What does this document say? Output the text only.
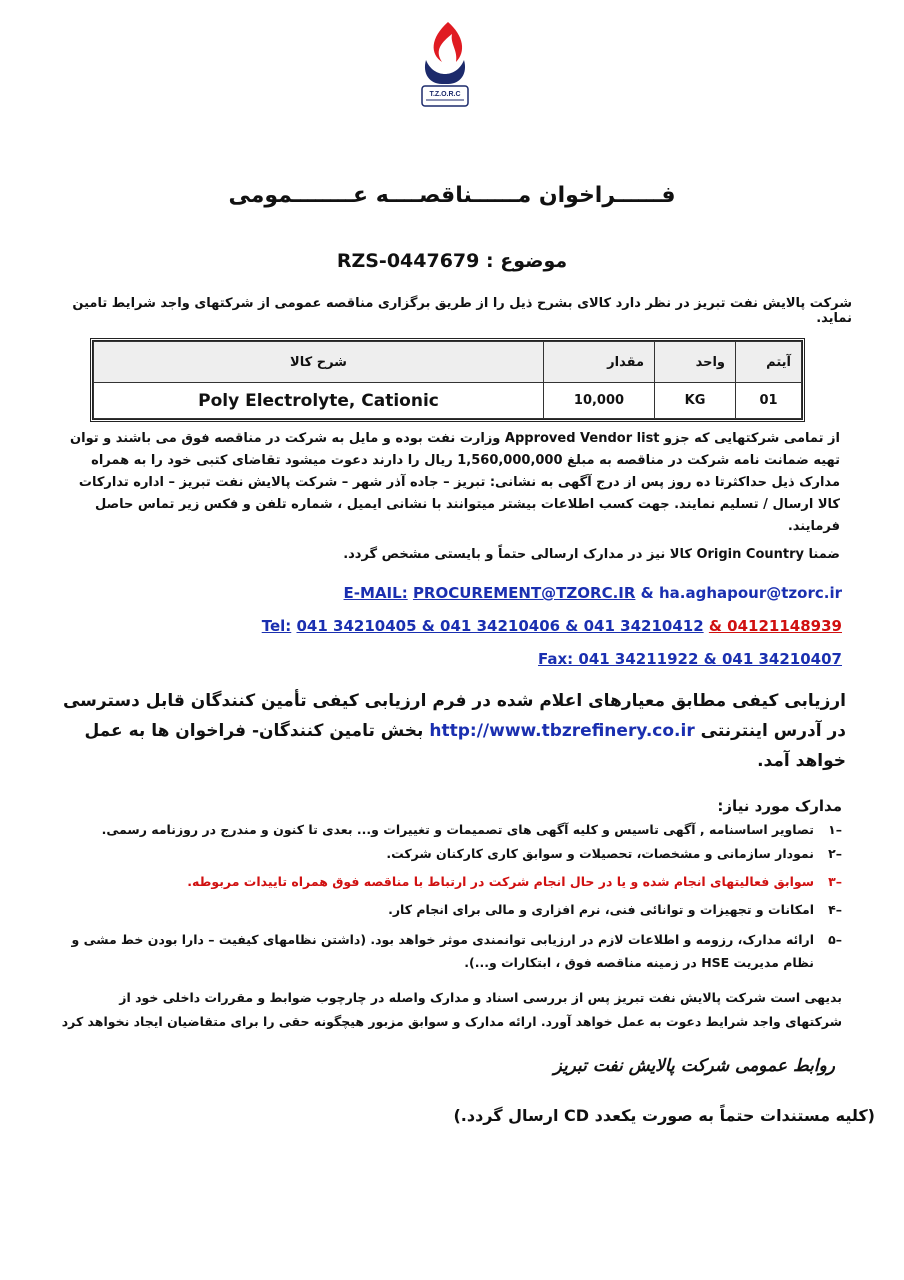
T.Z.O.R.C
فــــــراخوان مــــــناقصــــه عــــــــمومی
موضوع : RZS-0447679
شرکت پالایش نفت تبریز در نظر دارد کالای بشرح ذیل را از طریق برگزاری مناقصه عمومی از شرکتهای واجد شرایط تامین نماید.
آیتم	واحد	مقدار	شرح کالا
01	KG	10,000	Poly Electrolyte, Cationic
از تمامی شرکتهایی که جزو Approved Vendor list وزارت نفت بوده و مایل به شرکت در مناقصه فوق می باشند و توان تهیه ضمانت نامه شرکت در مناقصه به مبلغ 1,560,000,000 ریال را دارند دعوت میشود تقاضای کتبی خود را به همراه مدارک ذیل حداکثرتا ده روز پس از درج آگهی به نشانی: تبریز – جاده آذر شهر – شرکت پالایش نفت تبریز – اداره تدارکات کالا ارسال / تسلیم نمایند. جهت کسب اطلاعات بیشتر میتوانند با نشانی ایمیل ، شماره تلفن و فکس زیر تماس حاصل فرمایند.
ضمنا Origin Country کالا نیز در مدارک ارسالی حتماً و بایستی مشخص گردد.
E-MAIL: PROCUREMENT@TZORC.IR & ha.aghapour@tzorc.ir
Tel: 041 34210405 & 041 34210406 & 041 34210412 & 04121148939
Fax: 041 34211922 & 041 34210407
ارزیابی کیفی مطابق معیارهای اعلام شده در فرم ارزیابی کیفی تأمین کنندگان قابل دسترسی در آدرس اینترنتی http://www.tbzrefinery.co.ir بخش تامین کنندگان- فراخوان ها به عمل خواهد آمد.
مدارک مورد نیاز:
۱–
تصاویر اساسنامه , آگهی تاسیس و کلیه آگهی های تصمیمات و تغییرات و... بعدی تا کنون و مندرج در روزنامه رسمی.
۲–
نمودار سازمانی و مشخصات، تحصیلات و سوابق کاری کارکنان شرکت.
۳–
سوابق فعالیتهای انجام شده و یا در حال انجام شرکت در ارتباط با مناقصه فوق همراه تاییدات مربوطه.
۴–
امکانات و تجهیزات و توانائی فنی، نرم افزاری و مالی برای انجام کار.
۵–
ارائه مدارک، رزومه و اطلاعات لازم در ارزیابی توانمندی موثر خواهد بود. (داشتن نظامهای کیفیت – دارا بودن خط مشی و نظام مدیریت HSE در زمینه مناقصه فوق ، ابتکارات و...).
بدیهی است شرکت پالایش نفت تبریز پس از بررسی اسناد و مدارک واصله در چارچوب ضوابط و مقررات داخلی خود از شرکتهای واجد شرایط دعوت به عمل خواهد آورد. ارائه مدارک و سوابق مزبور هیچگونه حقی را برای متقاضیان ایجاد نخواهد کرد
روابط عمومی شرکت پالایش نفت تبریز
(کلیه مستندات حتماً به صورت یکعدد CD ارسال گردد.)
